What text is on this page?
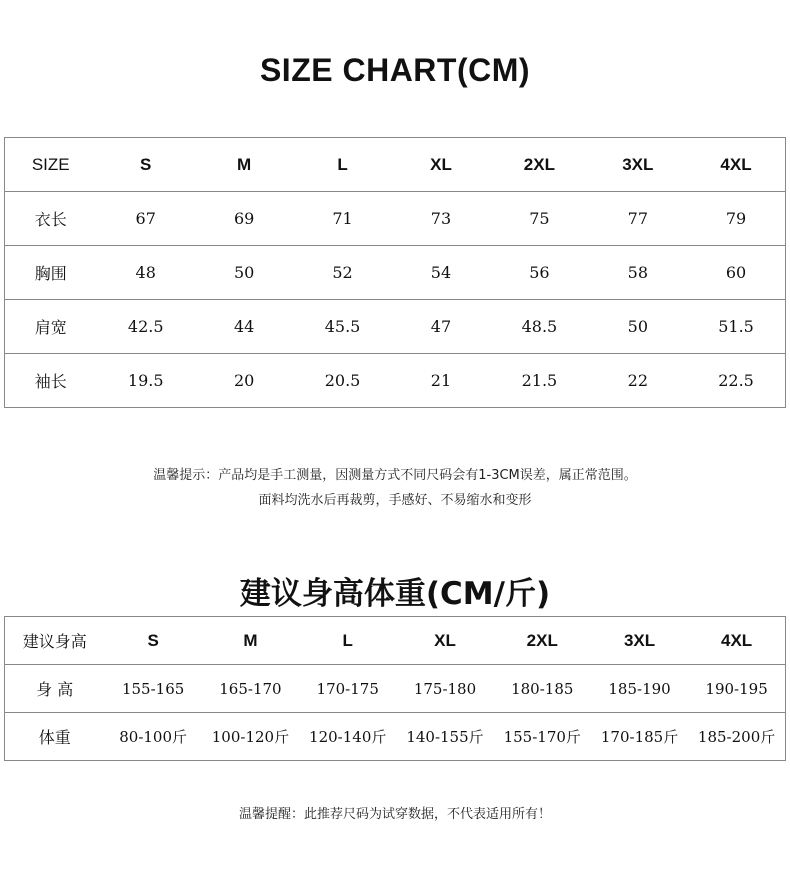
SIZE CHART(CM)
SIZE	S	M	L	XL	2XL	3XL	4XL
衣长	67	69	71	73	75	77	79
胸围	48	50	52	54	56	58	60
肩宽	42.5	44	45.5	47	48.5	50	51.5
袖长	19.5	20	20.5	21	21.5	22	22.5
温馨提示：产品均是手工测量，因测量方式不同尺码会有1-3CM误差，属正常范围。
面料均洗水后再裁剪，手感好、不易缩水和变形
建议身高体重(CM/斤)
建议身高	S	M	L	XL	2XL	3XL	4XL
身 高	155-165	165-170	170-175	175-180	180-185	185-190	190-195
体重	80-100斤	100-120斤	120-140斤	140-155斤	155-170斤	170-185斤	185-200斤
温馨提醒：此推荐尺码为试穿数据，不代表适用所有！
